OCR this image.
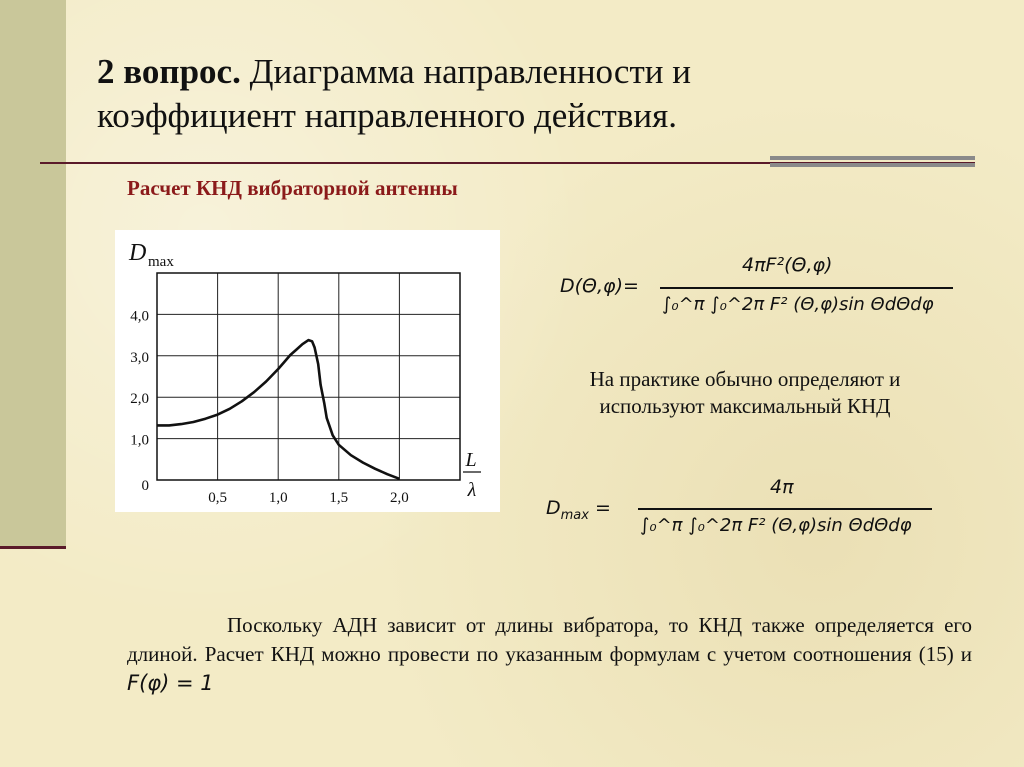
2 вопрос. Диаграмма направленности и
коэффициент направленного действия.
Расчет КНД вибраторной антенны
0
1,0
2,0
3,0
4,0
0,5	1,0	1,5	2,0
D max
L
λ
D(Θ,φ)=
4πF²(Θ,φ)
∫₀^π ∫₀^2π F² (Θ,φ)sin ΘdΘdφ
На практике обычно определяют и
используют максимальный КНД
$D_{max}$ =
4π
∫₀^π ∫₀^2π F² (Θ,φ)sin ΘdΘdφ
Поскольку АДН зависит от длины вибратора, то КНД также определяется его длиной. Расчет КНД можно провести по указанным формулам с учетом соотношения (15) и F(φ) = 1
